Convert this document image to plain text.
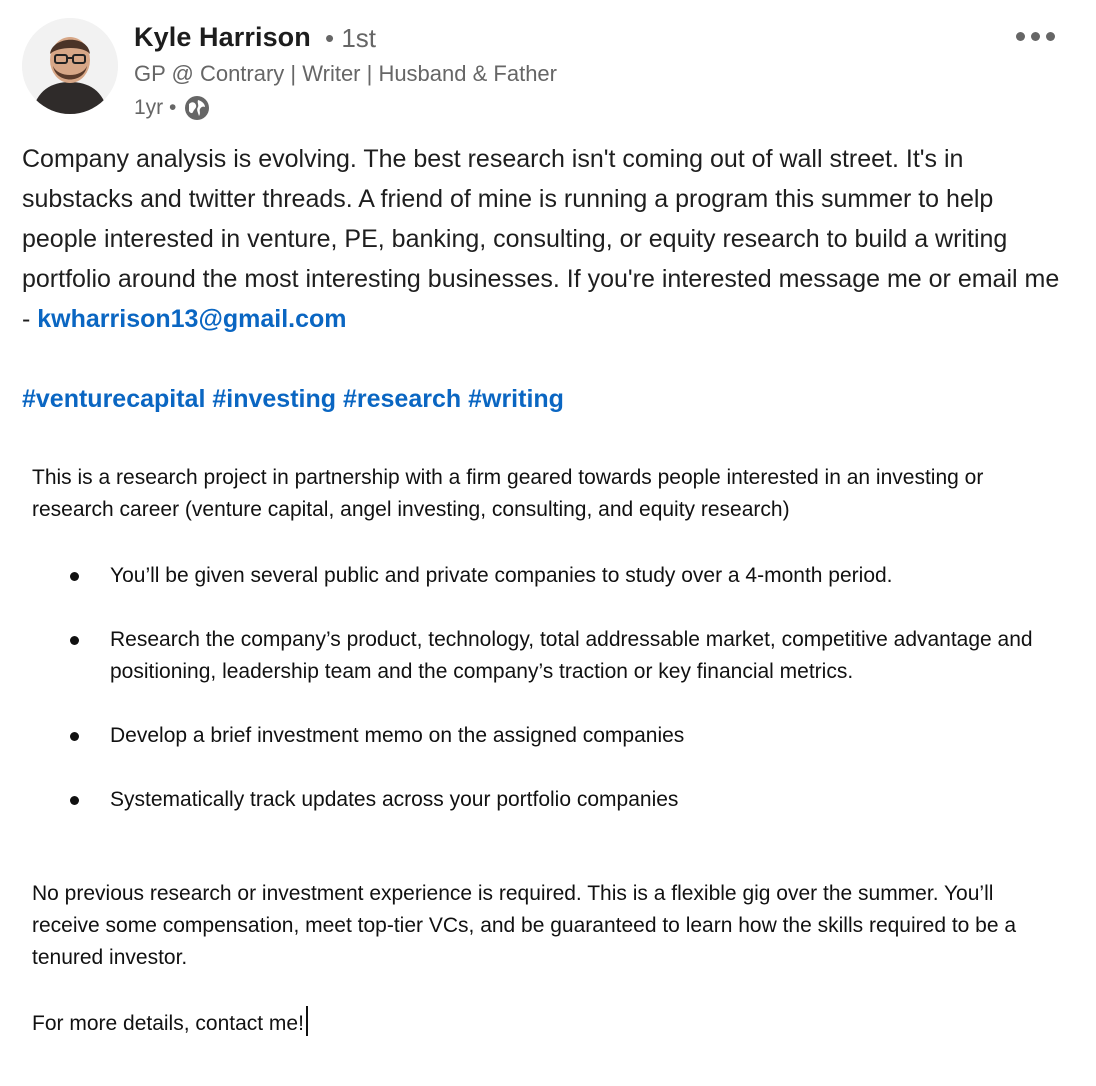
Kyle Harrison • 1st
GP @ Contrary | Writer | Husband & Father
1yr •
Company analysis is evolving. The best research isn't coming out of wall street. It's in substacks and twitter threads. A friend of mine is running a program this summer to help people interested in venture, PE, banking, consulting, or equity research to build a writing portfolio around the most interesting businesses. If you're interested message me or email me - kwharrison13@gmail.com
#venturecapital #investing #research #writing

This is a research project in partnership with a firm geared towards people interested in an investing or research career (venture capital, angel investing, consulting, and equity research)

You’ll be given several public and private companies to study over a 4-month period.
Research the company’s product, technology, total addressable market, competitive advantage and positioning, leadership team and the company’s traction or key financial metrics.
Develop a brief investment memo on the assigned companies
Systematically track updates across your portfolio companies

No previous research or investment experience is required. This is a flexible gig over the summer. You’ll receive some compensation, meet top-tier VCs, and be guaranteed to learn how the skills required to be a tenured investor.

For more details, contact me!
